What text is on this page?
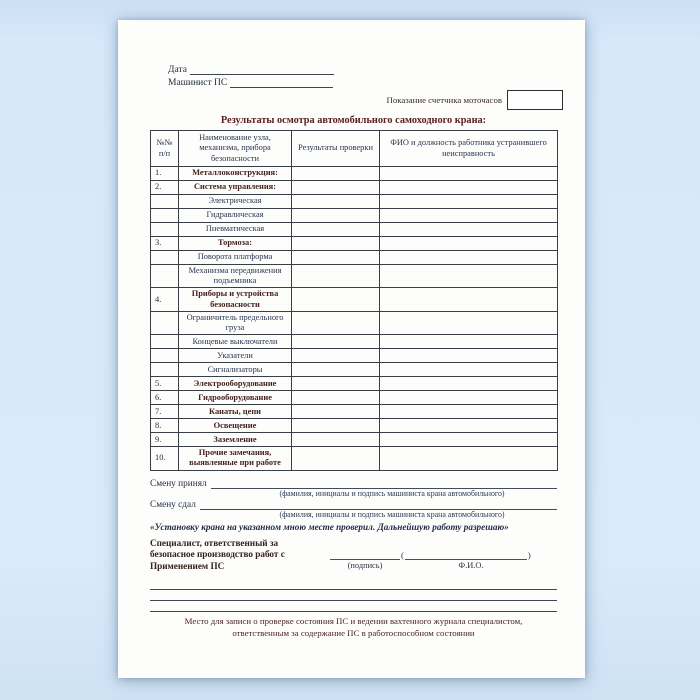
Дата
Машинист ПС
Показание счетчика моточасов
Результаты осмотра автомобильного самоходного крана:
№№ п/п	Наименование узла, механизма, прибора безопасности	Результаты проверки	ФИО и должность работника устранившего неисправность
1.	Металлоконструкция:		
2.	Система управления:		
	Электрическая		
	Гидравлическая		
	Пневматическая		
3.	Тормоза:		
	Поворота платформа		
	Механизма передвижения подъемника		
4.	Приборы и устройства безопасности		
	Ограничитель предельного груза		
	Концевые выключатели		
	Указатели		
	Сигнализаторы		
5.	Электрооборудование		
6.	Гидрооборудование		
7.	Канаты, цепи		
8.	Освещение		
9.	Заземление		
10.	Прочие замечания, выявленные при работе		
Смену принял
(фамилия, инициалы и подпись машиниста крана автомобильного)
Смену сдал
(фамилия, инициалы и подпись машиниста крана автомобильного)
«Установку крана на указанном мною месте проверил. Дальнейшую работу разрешаю»
Специалист, ответственный за
безопасное производство работ с
Применением ПС
(	)
(подпись)	Ф.И.О.
Место для записи о проверке состояния ПС и ведении вахтенного журнала специалистом,
ответственным за содержание ПС в работоспособном состоянии
